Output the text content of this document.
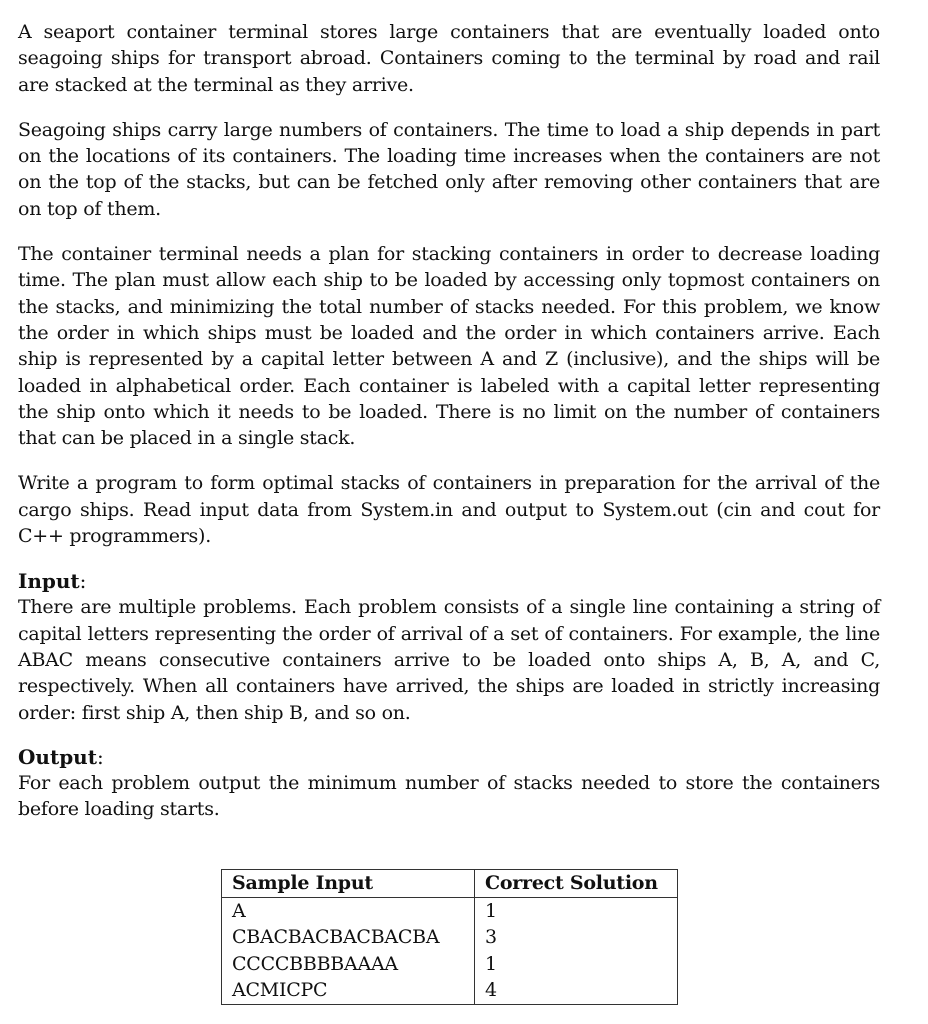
A seaport container terminal stores large containers that are eventually loaded onto seagoing ships for transport abroad. Containers coming to the terminal by road and rail are stacked at the terminal as they arrive.

Seagoing ships carry large numbers of containers. The time to load a ship depends in part on the locations of its containers. The loading time increases when the containers are not on the top of the stacks, but can be fetched only after removing other containers that are on top of them.

The container terminal needs a plan for stacking containers in order to decrease loading time. The plan must allow each ship to be loaded by accessing only topmost containers on the stacks, and minimizing the total number of stacks needed. For this problem, we know the order in which ships must be loaded and the order in which containers arrive. Each ship is represented by a capital letter between A and Z (inclusive), and the ships will be loaded in alphabetical order. Each container is labeled with a capital letter representing the ship onto which it needs to be loaded. There is no limit on the number of containers that can be placed in a single stack.

Write a program to form optimal stacks of containers in preparation for the arrival of the cargo ships. Read input data from System.in and output to System.out (cin and cout for C++ programmers).

Input:

There are multiple problems. Each problem consists of a single line containing a string of capital letters representing the order of arrival of a set of containers. For example, the line ABAC means consecutive containers arrive to be loaded onto ships A, B, A, and C, respectively. When all containers have arrived, the ships are loaded in strictly increasing order: first ship A, then ship B, and so on.

Output:

For each problem output the minimum number of stacks needed to store the containers before loading starts.

Sample Input	Correct Solution
A	1
CBACBACBACBACBA	3
CCCCBBBBAAAA	1
ACMICPC	4
